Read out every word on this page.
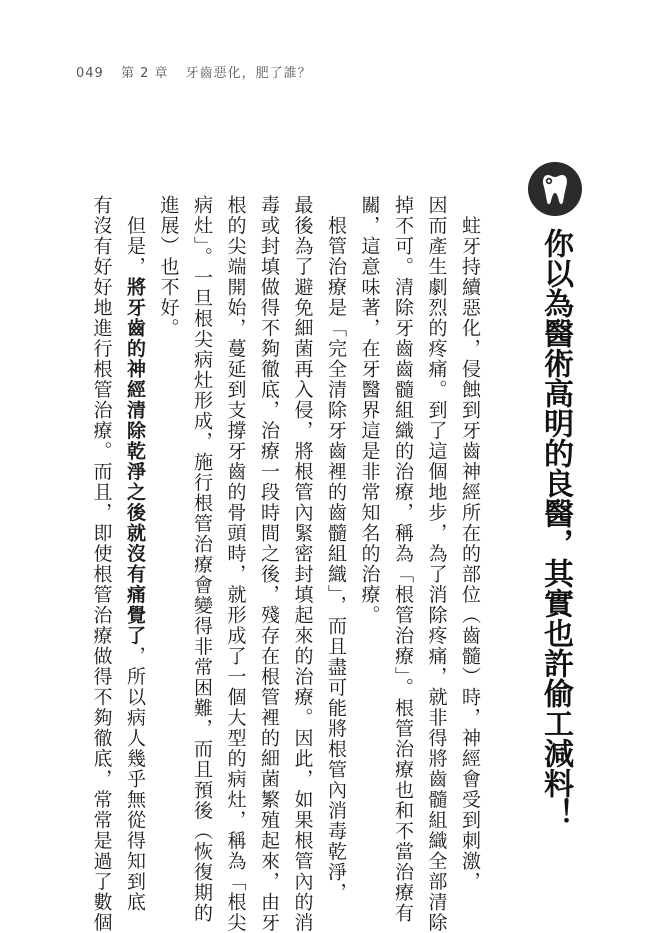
049 第 2 章 牙齒惡化，肥了誰？
你以為醫術高明的良醫，其實也許偷工減料！
　蛀牙持續惡化，侵蝕到牙齒神經所在的部位（齒髓）時，神經會受到刺激，
因而產生劇烈的疼痛。到了這個地步，為了消除疼痛，就非得將齒髓組織全部清除
掉不可。清除牙齒齒髓組織的治療，稱為「根管治療」。根管治療也和不當治療有
關，這意味著，在牙醫界這是非常知名的治療。
　根管治療是「完全清除牙齒裡的齒髓組織」，而且盡可能將根管內消毒乾淨，
最後為了避免細菌再入侵，將根管內緊密封填起來的治療。因此，如果根管內的消
毒或封填做得不夠徹底，治療一段時間之後，殘存在根管裡的細菌繁殖起來，由牙
根的尖端開始，蔓延到支撐牙齒的骨頭時，就形成了一個大型的病灶，稱為「根尖
病灶」。一旦根尖病灶形成，施行根管治療會變得非常困難，而且預後（恢復期的
進展）也不好。
　但是，將牙齒的神經清除乾淨之後就沒有痛覺了，所以病人幾乎無從得知到底
有沒有好好地進行根管治療。而且，即使根管治療做得不夠徹底，常常是過了數個
